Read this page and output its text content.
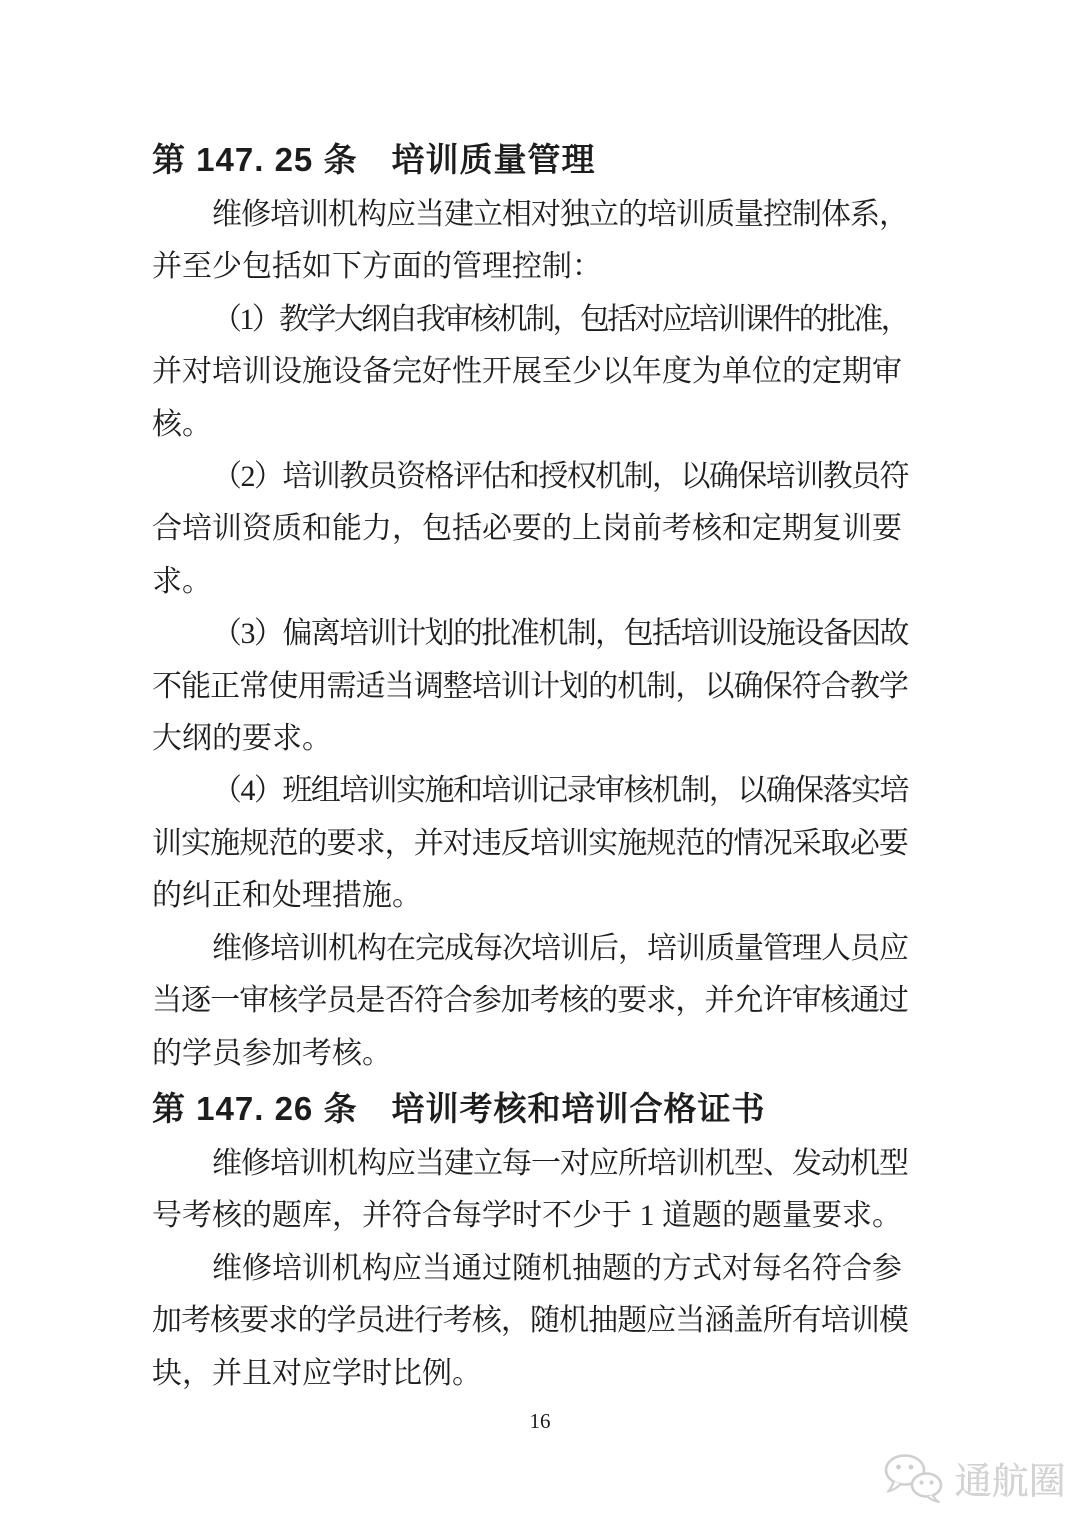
第 147. 25 条　培训质量管理
维修培训机构应当建立相对独立的培训质量控制体系，
并至少包括如下方面的管理控制：
（1）教学大纲自我审核机制，包括对应培训课件的批准，
并对培训设施设备完好性开展至少以年度为单位的定期审
核。
（2）培训教员资格评估和授权机制，以确保培训教员符
合培训资质和能力，包括必要的上岗前考核和定期复训要
求。
（3）偏离培训计划的批准机制，包括培训设施设备因故
不能正常使用需适当调整培训计划的机制，以确保符合教学
大纲的要求。
（4）班组培训实施和培训记录审核机制，以确保落实培
训实施规范的要求，并对违反培训实施规范的情况采取必要
的纠正和处理措施。
维修培训机构在完成每次培训后，培训质量管理人员应
当逐一审核学员是否符合参加考核的要求，并允许审核通过
的学员参加考核。
第 147. 26 条　培训考核和培训合格证书
维修培训机构应当建立每一对应所培训机型、发动机型
号考核的题库，并符合每学时不少于 1 道题的题量要求。
维修培训机构应当通过随机抽题的方式对每名符合参
加考核要求的学员进行考核，随机抽题应当涵盖所有培训模
块，并且对应学时比例。
16
通航圈
